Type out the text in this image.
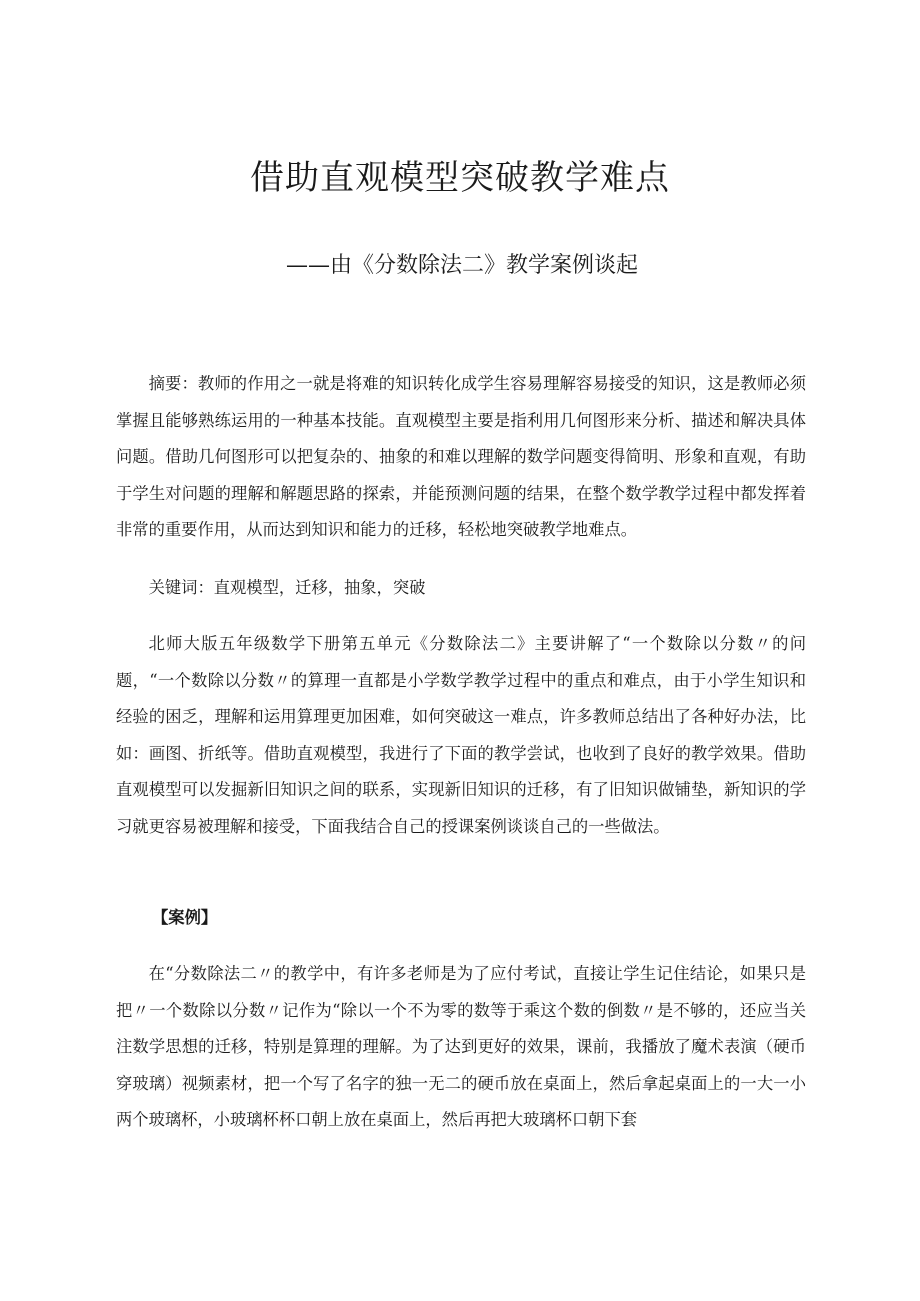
借助直观模型突破教学难点
——由《分数除法二》教学案例谈起

摘要：教师的作用之一就是将难的知识转化成学生容易理解容易接受的知识，这是教师必须掌握且能够熟练运用的一种基本技能。直观模型主要是指利用几何图形来分析、描述和解决具体问题。借助几何图形可以把复杂的、抽象的和难以理解的数学问题变得简明、形象和直观，有助于学生对问题的理解和解题思路的探索，并能预测问题的结果，在整个数学教学过程中都发挥着非常的重要作用，从而达到知识和能力的迁移，轻松地突破教学地难点。

关键词：直观模型，迁移，抽象，突破

北师大版五年级数学下册第五单元《分数除法二》主要讲解了“一个数除以分数〃的问题，“一个数除以分数〃的算理一直都是小学数学教学过程中的重点和难点，由于小学生知识和经验的困乏，理解和运用算理更加困难，如何突破这一难点，许多教师总结出了各种好办法，比如：画图、折纸等。借助直观模型，我进行了下面的教学尝试，也收到了良好的教学效果。借助直观模型可以发掘新旧知识之间的联系，实现新旧知识的迁移，有了旧知识做铺垫，新知识的学习就更容易被理解和接受，下面我结合自己的授课案例谈谈自己的一些做法。

【案例】

在“分数除法二〃的教学中，有许多老师是为了应付考试，直接让学生记住结论，如果只是把〃一个数除以分数〃记作为“除以一个不为零的数等于乘这个数的倒数〃是不够的，还应当关注数学思想的迁移，特别是算理的理解。为了达到更好的效果，课前，我播放了魔术表演（硬币穿玻璃）视频素材，把一个写了名字的独一无二的硬币放在桌面上，然后拿起桌面上的一大一小两个玻璃杯，小玻璃杯杯口朝上放在桌面上，然后再把大玻璃杯口朝下套
